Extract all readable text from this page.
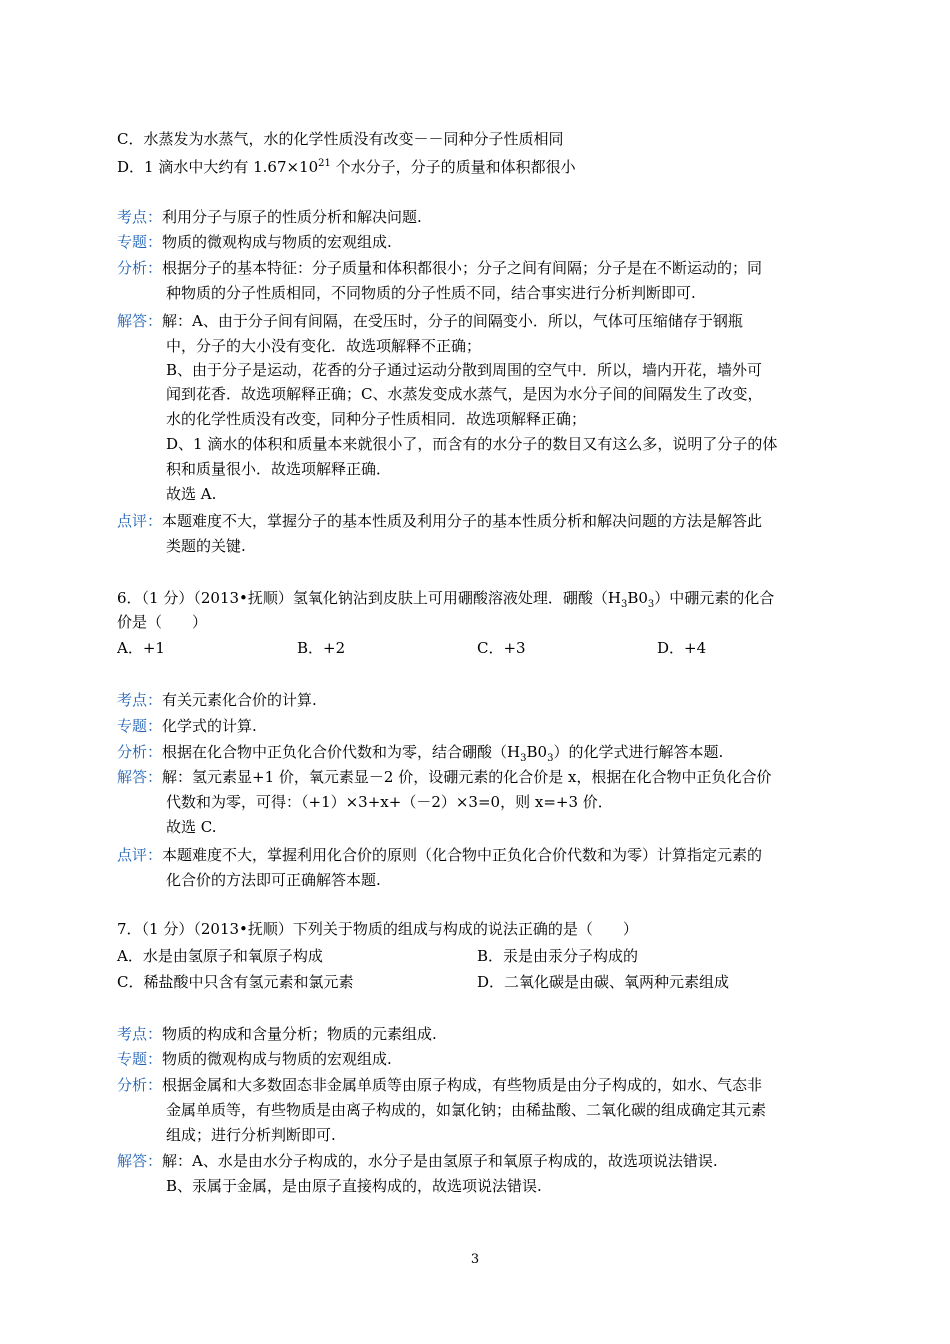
C．水蒸发为水蒸气，水的化学性质没有改变－－同种分子性质相同
D．1 滴水中大约有 $1.67\times 10^{21}$ 个水分子，分子的质量和体积都很小
考点：利用分子与原子的性质分析和解决问题.
专题：物质的微观构成与物质的宏观组成.
分析：根据分子的基本特征：分子质量和体积都很小；分子之间有间隔；分子是在不断运动的；同
种物质的分子性质相同，不同物质的分子性质不同，结合事实进行分析判断即可.
解答：解：A、由于分子间有间隔，在受压时，分子的间隔变小．所以，气体可压缩储存于钢瓶
中，分子的大小没有变化．故选项解释不正确；
B、由于分子是运动，花香的分子通过运动分散到周围的空气中．所以，墙内开花，墙外可
闻到花香．故选项解释正确；C、水蒸发变成水蒸气，是因为水分子间的间隔发生了改变，
水的化学性质没有改变，同种分子性质相同．故选项解释正确；
D、1 滴水的体积和质量本来就很小了，而含有的水分子的数目又有这么多，说明了分子的体
积和质量很小．故选项解释正确．
故选 A.
点评：本题难度不大，掌握分子的基本性质及利用分子的基本性质分析和解决问题的方法是解答此
类题的关键.
6．（1 分）（2013•抚顺）氢氧化钠沾到皮肤上可用硼酸溶液处理．硼酸$(H_3B0_3)$中硼元素的化合
价是（　　）
A．+1	B．+2	C．+3	D．+4
考点：有关元素化合价的计算.
专题：化学式的计算.
分析：根据在化合物中正负化合价代数和为零，结合硼酸$(H_3B0_3)$的化学式进行解答本题.
解答：解：氢元素显+1 价，氧元素显－2 价，设硼元素的化合价是 x，根据在化合物中正负化合价
代数和为零，可得：（+1）×3+x+（－2）×3=0，则 x=+3 价．
故选 C.
点评：本题难度不大，掌握利用化合价的原则（化合物中正负化合价代数和为零）计算指定元素的
化合价的方法即可正确解答本题.
7．（1 分）（2013•抚顺）下列关于物质的组成与构成的说法正确的是（　　）
A．水是由氢原子和氧原子构成	B．汞是由汞分子构成的
C．稀盐酸中只含有氢元素和氯元素	D．二氧化碳是由碳、氧两种元素组成
考点：物质的构成和含量分析；物质的元素组成.
专题：物质的微观构成与物质的宏观组成.
分析：根据金属和大多数固态非金属单质等由原子构成，有些物质是由分子构成的，如水、气态非
金属单质等，有些物质是由离子构成的，如氯化钠；由稀盐酸、二氧化碳的组成确定其元素
组成；进行分析判断即可.
解答：解：A、水是由水分子构成的，水分子是由氢原子和氧原子构成的，故选项说法错误.
B、汞属于金属，是由原子直接构成的，故选项说法错误.
3
